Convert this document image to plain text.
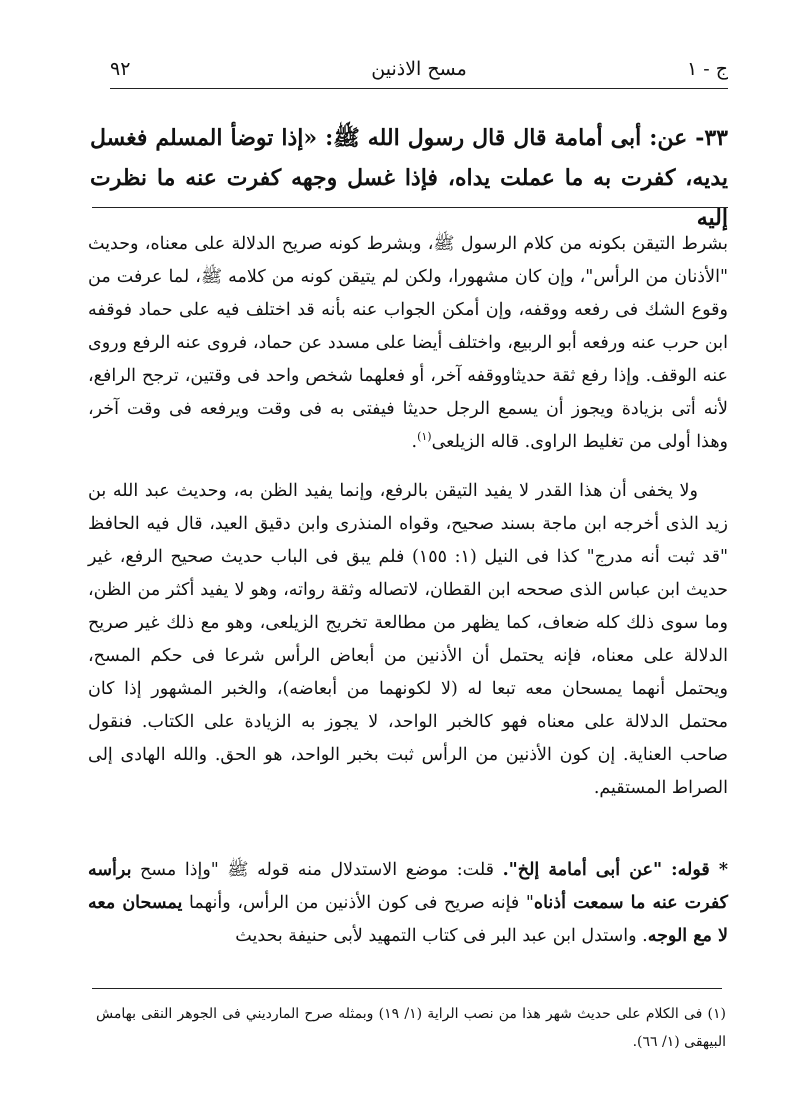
ج - ١
مسح الاذنين
٩٢
٣٣- عن: أبى أمامة قال قال رسول الله ﷺ: «إذا توضأ المسلم فغسل يديه، كفرت به ما عملت يداه، فإذا غسل وجهه كفرت عنه ما نظرت إليه

بشرط التيقن بكونه من كلام الرسول ﷺ، وبشرط كونه صريح الدلالة على معناه، وحديث "الأذنان من الرأس"، وإن كان مشهورا، ولكن لم يتيقن كونه من كلامه ﷺ، لما عرفت من وقوع الشك فى رفعه ووقفه، وإن أمكن الجواب عنه بأنه قد اختلف فيه على حماد فوقفه ابن حرب عنه ورفعه أبو الربيع، واختلف أيضا على مسدد عن حماد، فروى عنه الرفع وروى عنه الوقف. وإذا رفع ثقة حديثاووقفه آخر، أو فعلهما شخص واحد فى وقتين، ترجح الرافع، لأنه أتى بزيادة ويجوز أن يسمع الرجل حديثا فيفتى به فى وقت ويرفعه فى وقت آخر، وهذا أولى من تغليط الراوى. قاله الزيلعى$^{(١)}$.

ولا يخفى أن هذا القدر لا يفيد التيقن بالرفع، وإنما يفيد الظن به، وحديث عبد الله بن زيد الذى أخرجه ابن ماجة بسند صحيح، وقواه المنذرى وابن دقيق العيد، قال فيه الحافظ "قد ثبت أنه مدرج" كذا فى النيل (١: ١٥٥) فلم يبق فى الباب حديث صحيح الرفع، غير حديث ابن عباس الذى صححه ابن القطان، لاتصاله وثقة رواته، وهو لا يفيد أكثر من الظن، وما سوى ذلك كله ضعاف، كما يظهر من مطالعة تخريج الزيلعى، وهو مع ذلك غير صريح الدلالة على معناه، فإنه يحتمل أن الأذنين من أبعاض الرأس شرعا فى حكم المسح، ويحتمل أنهما يمسحان معه تبعا له (لا لكونهما من أبعاضه)، والخبر المشهور إذا كان محتمل الدلالة على معناه فهو كالخبر الواحد، لا يجوز به الزيادة على الكتاب. فنقول صاحب العناية. إن كون الأذنين من الرأس ثبت بخبر الواحد، هو الحق. والله الهادى إلى الصراط المستقيم.

* قوله: "عن أبى أمامة إلخ". قلت: موضع الاستدلال منه قوله ﷺ "وإذا مسح برأسه كفرت عنه ما سمعت أذناه" فإنه صريح فى كون الأذنين من الرأس، وأنهما يمسحان معه لا مع الوجه. واستدل ابن عبد البر فى كتاب التمهيد لأبى حنيفة بحديث
(١) فى الكلام على حديث شهر هذا من نصب الراية (١/ ١٩) وبمثله صرح المارديني فى الجوهر النقى بهامش البيهقى (١/ ٦٦).
